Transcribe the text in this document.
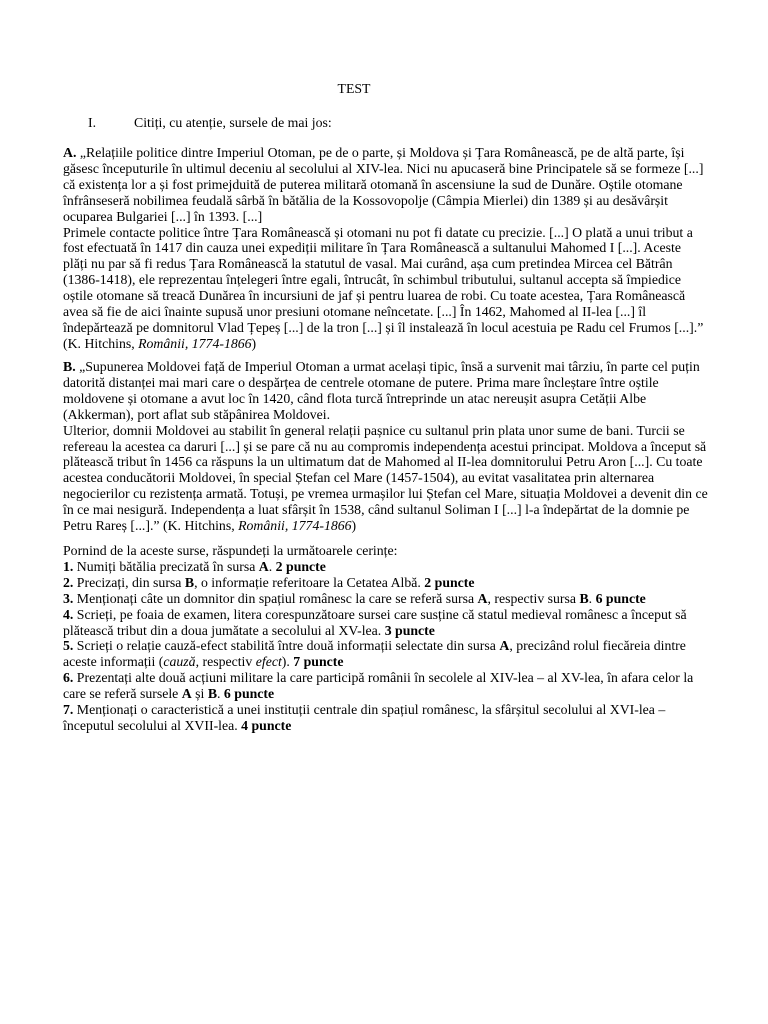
TEST
I.	Citiți, cu atenție, sursele de mai jos:

A. „Relațiile politice dintre Imperiul Otoman, pe de o parte, și Moldova și Țara Românească, pe de altă parte, își găsesc începuturile în ultimul deceniu al secolului al XIV-lea. Nici nu apucaseră bine Principatele să se formeze [...] că existența lor a și fost primejduită de puterea militară otomană în ascensiune la sud de Dunăre. Oștile otomane înfrânseseră nobilimea feudală sârbă în bătălia de la Kossovopolje (Câmpia Mierlei) din 1389 și au desăvârșit ocuparea Bulgariei [...] în 1393. [...]

Primele contacte politice între Țara Românească și otomani nu pot fi datate cu precizie. [...] O plată a unui tribut a fost efectuată în 1417 din cauza unei expediții militare în Țara Românească a sultanului Mahomed I [...]. Aceste plăți nu par să fi redus Țara Românească la statutul de vasal. Mai curând, așa cum pretindea Mircea cel Bătrân (1386-1418), ele reprezentau înțelegeri între egali, întrucât, în schimbul tributului, sultanul accepta să împiedice oștile otomane să treacă Dunărea în incursiuni de jaf și pentru luarea de robi. Cu toate acestea, Țara Românească avea să fie de aici înainte supusă unor presiuni otomane neîncetate. [...] În 1462, Mahomed al II-lea [...] îl îndepărtează pe domnitorul Vlad Țepeș [...] de la tron [...] și îl instalează în locul acestuia pe Radu cel Frumos [...].” (K. Hitchins, Românii, 1774-1866)

B. „Supunerea Moldovei față de Imperiul Otoman a urmat același tipic, însă a survenit mai târziu, în parte cel puțin datorită distanței mai mari care o despărțea de centrele otomane de putere. Prima mare încleștare între oștile moldovene și otomane a avut loc în 1420, când flota turcă întreprinde un atac nereușit asupra Cetății Albe (Akkerman), port aflat sub stăpânirea Moldovei.

Ulterior, domnii Moldovei au stabilit în general relații pașnice cu sultanul prin plata unor sume de bani. Turcii se refereau la acestea ca daruri [...] și se pare că nu au compromis independența acestui principat. Moldova a început să plătească tribut în 1456 ca răspuns la un ultimatum dat de Mahomed al II-lea domnitorului Petru Aron [...]. Cu toate acestea conducătorii Moldovei, în special Ștefan cel Mare (1457-1504), au evitat vasalitatea prin alternarea negocierilor cu rezistența armată. Totuși, pe vremea urmașilor lui Ștefan cel Mare, situația Moldovei a devenit din ce în ce mai nesigură. Independența a luat sfârșit în 1538, când sultanul Soliman I [...] l-a îndepărtat de la domnie pe Petru Rareș [...].” (K. Hitchins, Românii, 1774-1866)

Pornind de la aceste surse, răspundeți la următoarele cerințe:

1. Numiți bătălia precizată în sursa A. 2 puncte

2. Precizați, din sursa B, o informație referitoare la Cetatea Albă. 2 puncte

3. Menționați câte un domnitor din spațiul românesc la care se referă sursa A, respectiv sursa B. 6 puncte

4. Scrieți, pe foaia de examen, litera corespunzătoare sursei care susține că statul medieval românesc a început să plătească tribut din a doua jumătate a secolului al XV-lea. 3 puncte

5. Scrieți o relație cauză-efect stabilită între două informații selectate din sursa A, precizând rolul fiecăreia dintre aceste informații (cauză, respectiv efect). 7 puncte

6. Prezentați alte două acțiuni militare la care participă românii în secolele al XIV-lea – al XV-lea, în afara celor la care se referă sursele A și B. 6 puncte

7. Menționați o caracteristică a unei instituții centrale din spațiul românesc, la sfârșitul secolului al XVI-lea – începutul secolului al XVII-lea. 4 puncte
